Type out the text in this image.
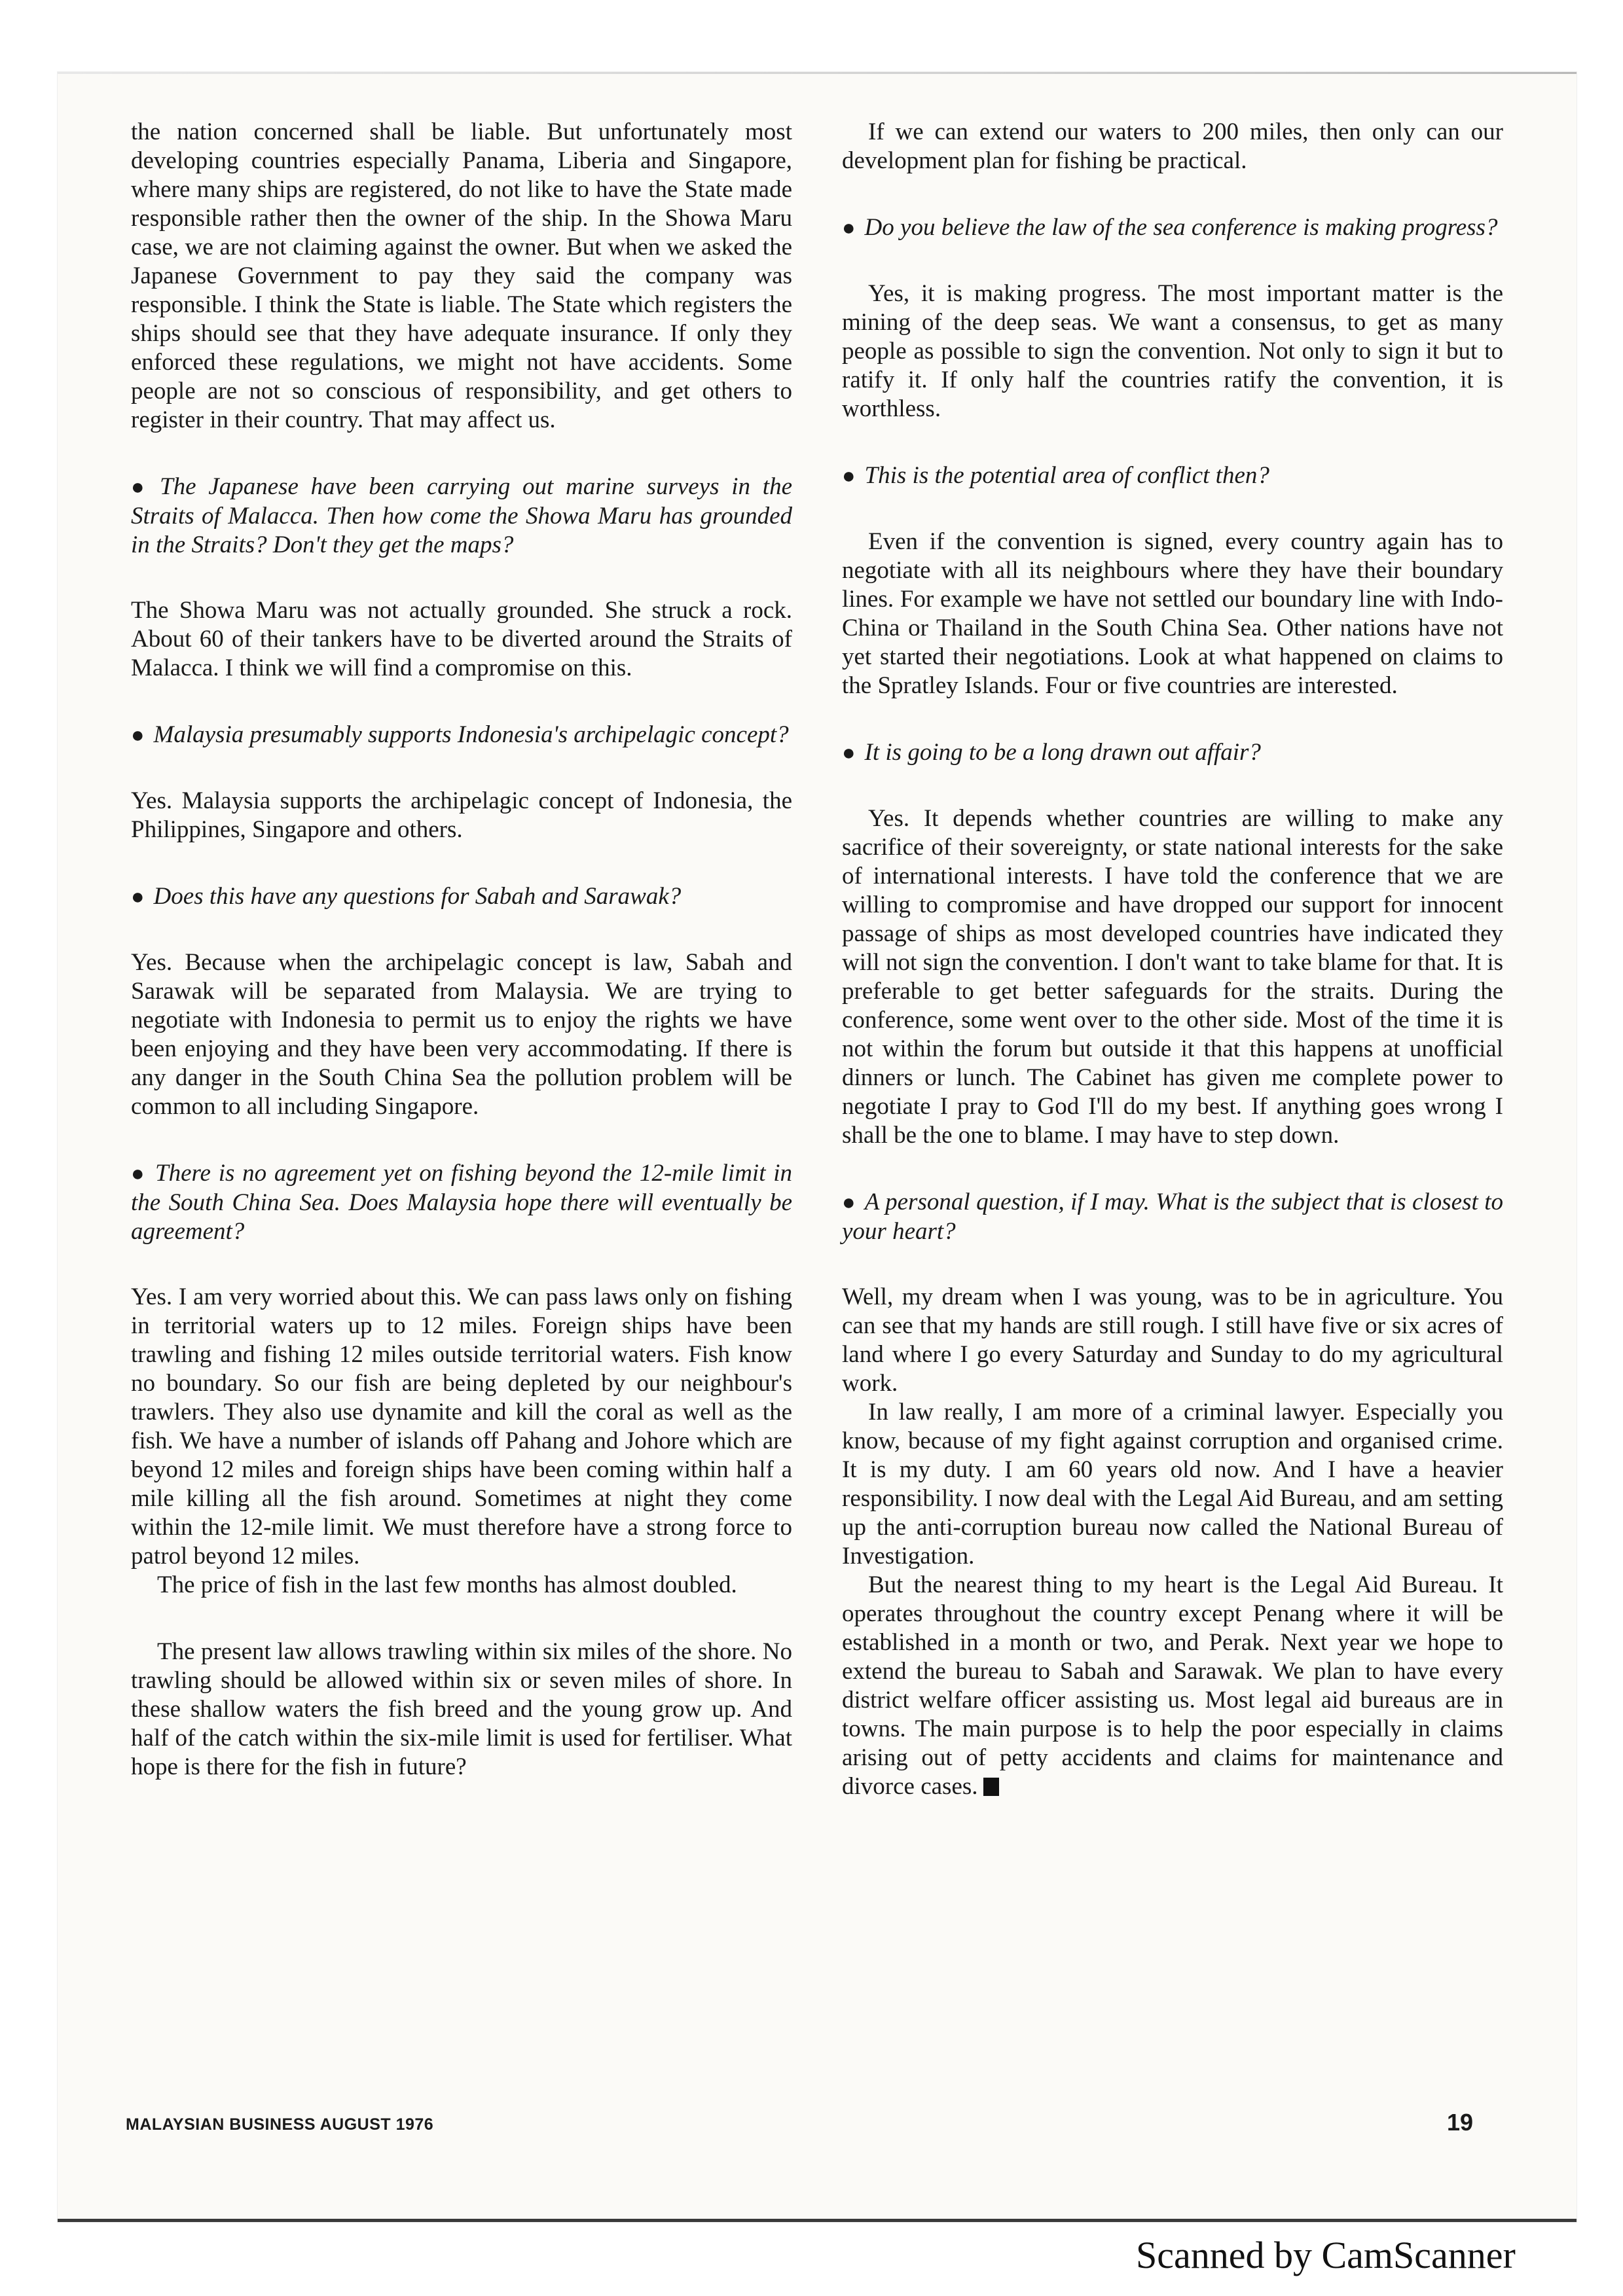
the nation concerned shall be liable. But unfortunately most developing countries especially Panama, Liberia and Singapore, where many ships are registered, do not like to have the State made responsible rather then the owner of the ship. In the Showa Maru case, we are not claiming against the owner. But when we asked the Japanese Government to pay they said the company was responsible. I think the State is liable. The State which registers the ships should see that they have adequate insurance. If only they enforced these regulations, we might not have accidents. Some people are not so conscious of responsibility, and get others to register in their country. That may affect us.
● The Japanese have been carrying out marine surveys in the Straits of Malacca. Then how come the Showa Maru has grounded in the Straits? Don't they get the maps?
The Showa Maru was not actually grounded. She struck a rock. About 60 of their tankers have to be diverted around the Straits of Malacca. I think we will find a compromise on this.
● Malaysia presumably supports Indonesia's archipelagic concept?
Yes. Malaysia supports the archipelagic concept of Indonesia, the Philippines, Singapore and others.
● Does this have any questions for Sabah and Sarawak?
Yes. Because when the archipelagic concept is law, Sabah and Sarawak will be separated from Malaysia. We are trying to negotiate with Indonesia to permit us to enjoy the rights we have been enjoying and they have been very accommodating. If there is any danger in the South China Sea the pollution problem will be common to all including Singapore.
● There is no agreement yet on fishing beyond the 12-mile limit in the South China Sea. Does Malaysia hope there will eventually be agreement?
Yes. I am very worried about this. We can pass laws only on fishing in territorial waters up to 12 miles. Foreign ships have been trawling and fishing 12 miles outside territorial waters. Fish know no boundary. So our fish are being depleted by our neighbour's trawlers. They also use dynamite and kill the coral as well as the fish. We have a number of islands off Pahang and Johore which are beyond 12 miles and foreign ships have been coming within half a mile killing all the fish around. Sometimes at night they come within the 12-mile limit. We must therefore have a strong force to patrol beyond 12 miles.
The price of fish in the last few months has almost doubled.
The present law allows trawling within six miles of the shore. No trawling should be allowed within six or seven miles of shore. In these shallow waters the fish breed and the young grow up. And half of the catch within the six-mile limit is used for fertiliser. What hope is there for the fish in future?
If we can extend our waters to 200 miles, then only can our development plan for fishing be practical.
● Do you believe the law of the sea conference is making progress?
Yes, it is making progress. The most important matter is the mining of the deep seas. We want a consensus, to get as many people as possible to sign the convention. Not only to sign it but to ratify it. If only half the countries ratify the convention, it is worthless.
● This is the potential area of conflict then?
Even if the convention is signed, every country again has to negotiate with all its neighbours where they have their boundary lines. For example we have not settled our boundary line with Indo-China or Thailand in the South China Sea. Other nations have not yet started their negotiations. Look at what happened on claims to the Spratley Islands. Four or five countries are interested.
● It is going to be a long drawn out affair?
Yes. It depends whether countries are willing to make any sacrifice of their sovereignty, or state national interests for the sake of international interests. I have told the conference that we are willing to compromise and have dropped our support for innocent passage of ships as most developed countries have indicated they will not sign the convention. I don't want to take blame for that. It is preferable to get better safeguards for the straits. During the conference, some went over to the other side. Most of the time it is not within the forum but outside it that this happens at unofficial dinners or lunch. The Cabinet has given me complete power to negotiate I pray to God I'll do my best. If anything goes wrong I shall be the one to blame. I may have to step down.
● A personal question, if I may. What is the subject that is closest to your heart?
Well, my dream when I was young, was to be in agriculture. You can see that my hands are still rough. I still have five or six acres of land where I go every Saturday and Sunday to do my agricultural work.
In law really, I am more of a criminal lawyer. Especially you know, because of my fight against corruption and organised crime. It is my duty. I am 60 years old now. And I have a heavier responsibility. I now deal with the Legal Aid Bureau, and am setting up the anti-corruption bureau now called the National Bureau of Investigation.
But the nearest thing to my heart is the Legal Aid Bureau. It operates throughout the country except Penang where it will be established in a month or two, and Perak. Next year we hope to extend the bureau to Sabah and Sarawak. We plan to have every district welfare officer assisting us. Most legal aid bureaus are in towns. The main purpose is to help the poor especially in claims arising out of petty accidents and claims for maintenance and divorce cases.
MALAYSIAN BUSINESS AUGUST 1976	19
Scanned by CamScanner
